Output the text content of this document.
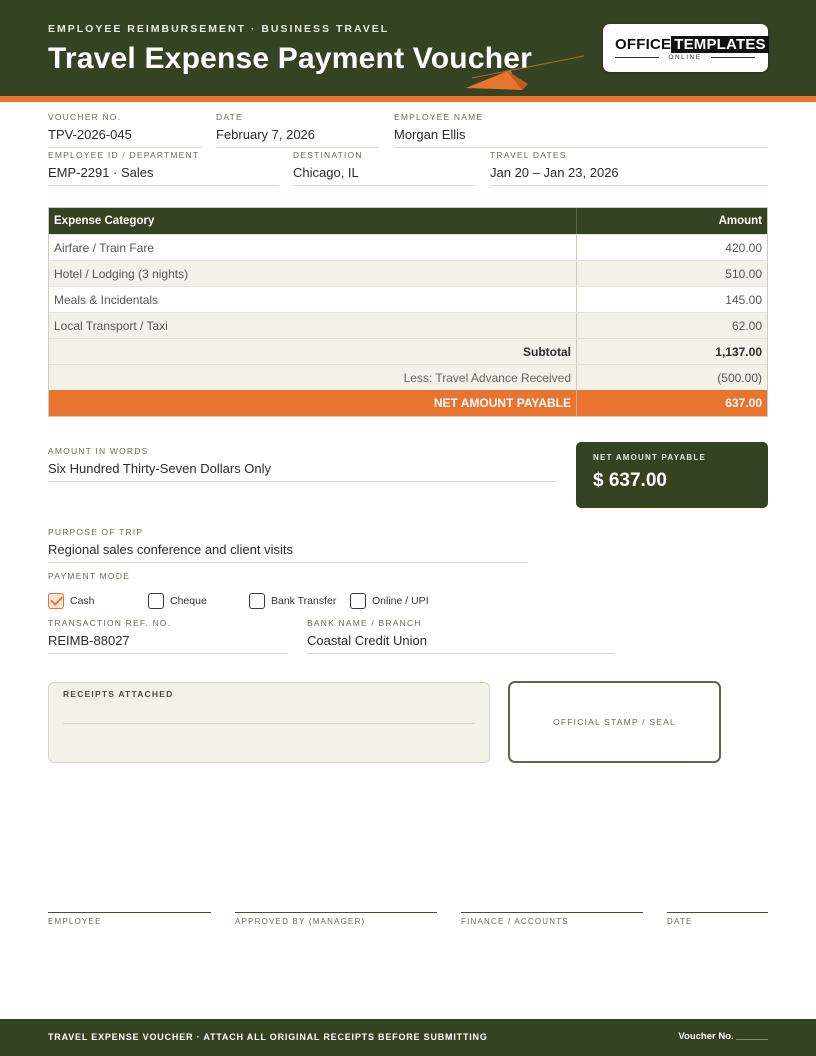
EMPLOYEE REIMBURSEMENT · BUSINESS TRAVEL
Travel Expense Payment Voucher	OFFICE TEMPLATES
ONLINE
VOUCHER NO.
TPV-2026-045
DATE
February 7, 2026
EMPLOYEE NAME
Morgan Ellis
EMPLOYEE ID / DEPARTMENT
EMP-2291 · Sales
DESTINATION
Chicago, IL
TRAVEL DATES
Jan 20 – Jan 23, 2026
Expense Category	Amount
Airfare / Train Fare	420.00
Hotel / Lodging (3 nights)	510.00
Meals & Incidentals	145.00
Local Transport / Taxi	62.00
Subtotal	1,137.00
Less: Travel Advance Received	(500.00)
NET AMOUNT PAYABLE	637.00
AMOUNT IN WORDS
Six Hundred Thirty-Seven Dollars Only
NET AMOUNT PAYABLE
$ 637.00
PURPOSE OF TRIP
Regional sales conference and client visits
PAYMENT MODE
Cash	Cheque	Bank Transfer	Online / UPI
TRANSACTION REF. NO.
REIMB-88027
BANK NAME / BRANCH
Coastal Credit Union
RECEIPTS ATTACHED
OFFICIAL STAMP / SEAL
EMPLOYEE	APPROVED BY (MANAGER)	FINANCE / ACCOUNTS	DATE
TRAVEL EXPENSE VOUCHER · ATTACH ALL ORIGINAL RECEIPTS BEFORE SUBMITTING	Voucher No. ______
